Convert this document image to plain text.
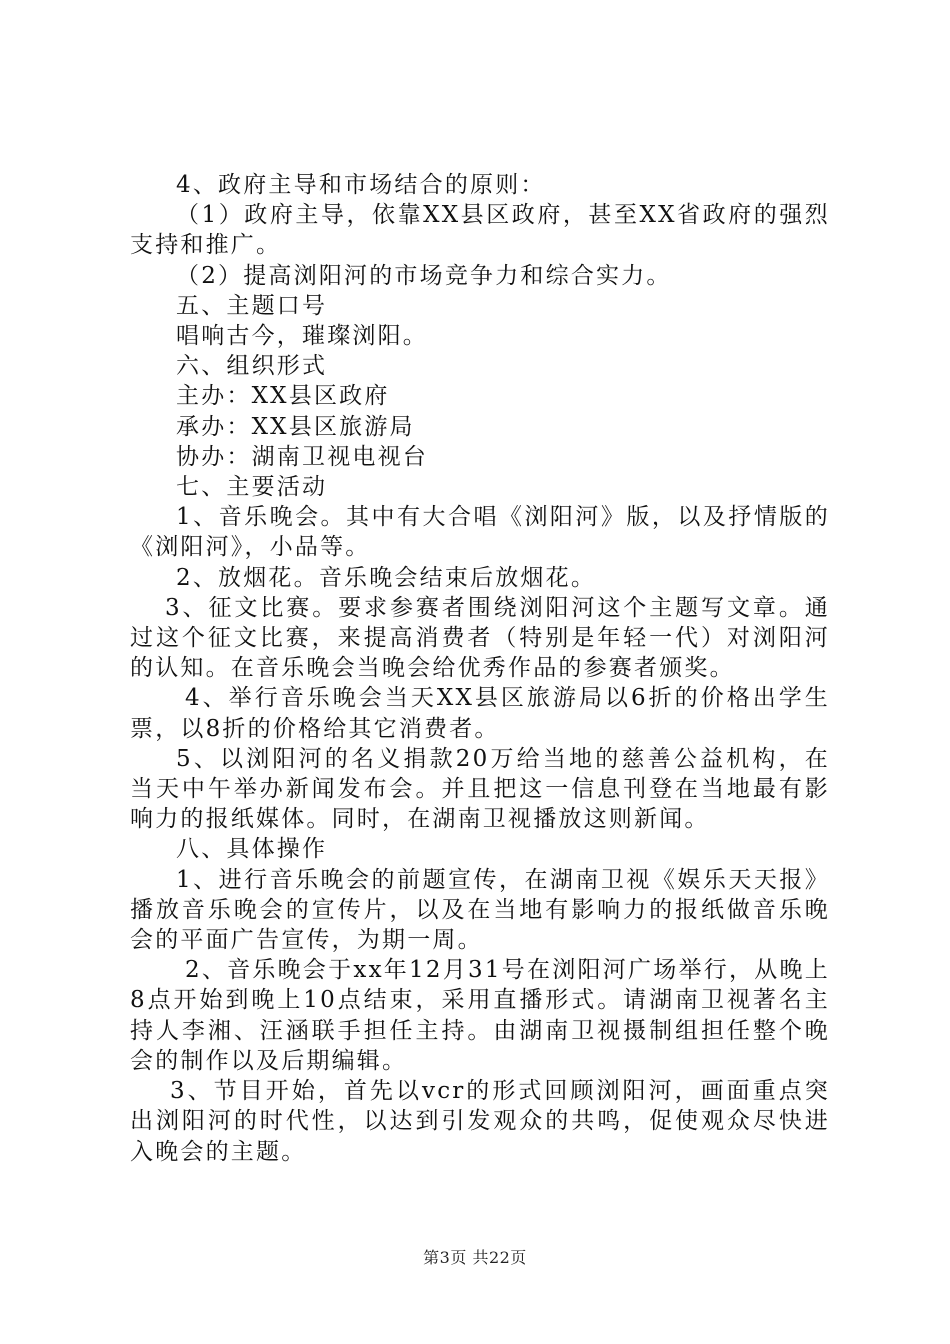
4、政府主导和市场结合的原则：

（1）政府主导，依靠XX县区政府，甚至XX省政府的强烈支持和推广。

（2）提高浏阳河的市场竞争力和综合实力。

五、主题口号

唱响古今，璀璨浏阳。

六、组织形式

主办：XX县区政府

承办：XX县区旅游局

协办：湖南卫视电视台

七、主要活动

1、音乐晚会。其中有大合唱《浏阳河》版，以及抒情版的《浏阳河》，小品等。

2、放烟花。音乐晚会结束后放烟花。

3、征文比赛。要求参赛者围绕浏阳河这个主题写文章。通过这个征文比赛，来提高消费者（特别是年轻一代）对浏阳河的认知。在音乐晚会当晚会给优秀作品的参赛者颁奖。

4、举行音乐晚会当天XX县区旅游局以6折的价格出学生票，以8折的价格给其它消费者。

5、以浏阳河的名义捐款20万给当地的慈善公益机构，在当天中午举办新闻发布会。并且把这一信息刊登在当地最有影响力的报纸媒体。同时，在湖南卫视播放这则新闻。

八、具体操作

1、进行音乐晚会的前题宣传，在湖南卫视《娱乐天天报》播放音乐晚会的宣传片，以及在当地有影响力的报纸做音乐晚会的平面广告宣传，为期一周。

2、音乐晚会于xx年12月31号在浏阳河广场举行，从晚上8点开始到晚上10点结束，采用直播形式。请湖南卫视著名主持人李湘、汪涵联手担任主持。由湖南卫视摄制组担任整个晚会的制作以及后期编辑。

3、节目开始，首先以vcr的形式回顾浏阳河，画面重点突出浏阳河的时代性，以达到引发观众的共鸣，促使观众尽快进入晚会的主题。

第3页 共22页
